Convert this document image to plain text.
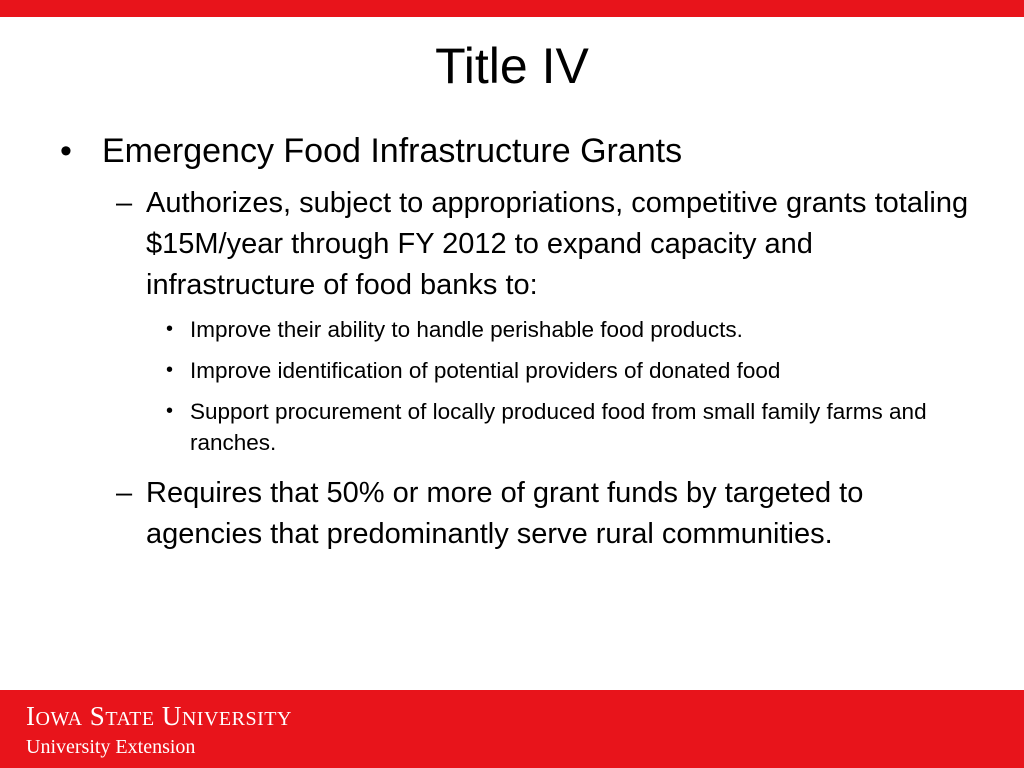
Title IV
• Emergency Food Infrastructure Grants
– Authorizes, subject to appropriations, competitive grants totaling $15M/year through FY 2012 to expand capacity and infrastructure of food banks to:
• Improve their ability to handle perishable food products.
• Improve identification of potential providers of donated food
• Support procurement of locally produced food from small family farms and ranches.
– Requires that 50% or more of grant funds by targeted to agencies that predominantly serve rural communities.
IOWA STATE UNIVERSITY
University Extension
